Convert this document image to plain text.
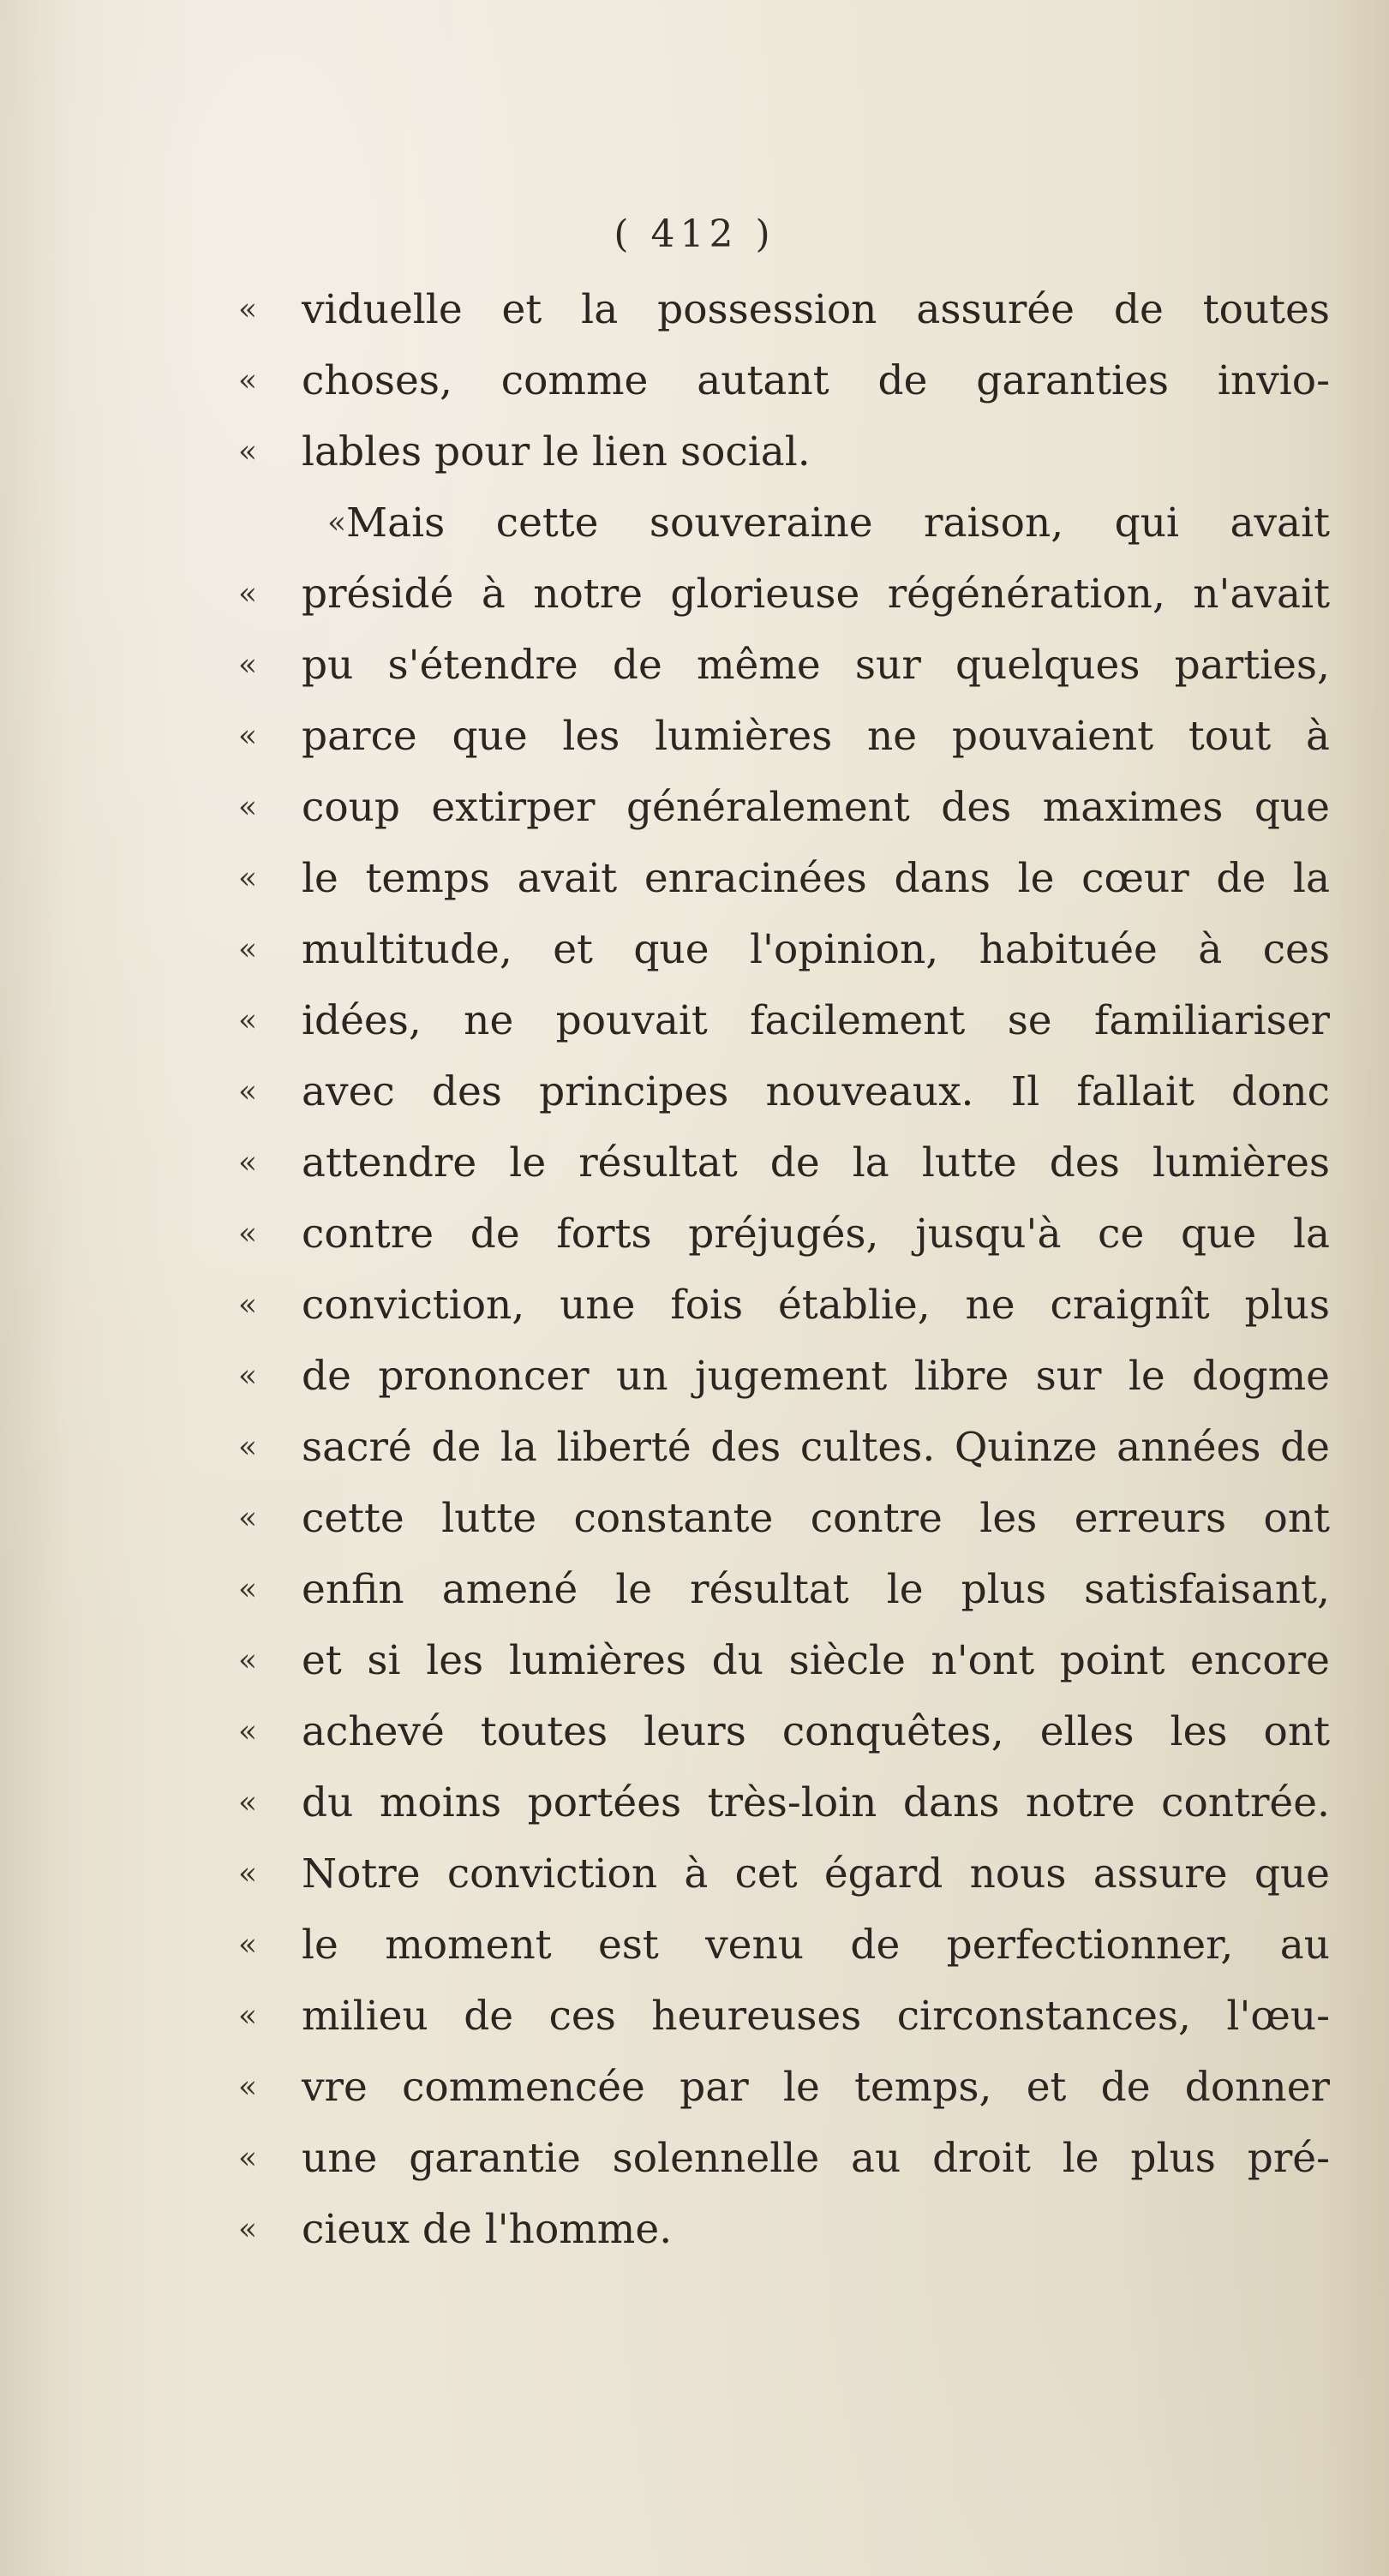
( 412 )
«	viduelle et la possession assurée de toutes
«	choses, comme autant de garanties invio-
«	lables pour le lien social.
« Mais cette souveraine raison, qui avait
«	présidé à notre glorieuse régénération, n'avait
«	pu s'étendre de même sur quelques parties,
«	parce que les lumières ne pouvaient tout à
«	coup extirper généralement des maximes que
«	le temps avait enracinées dans le cœur de la
«	multitude, et que l'opinion, habituée à ces
«	idées, ne pouvait facilement se familiariser
«	avec des principes nouveaux. Il fallait donc
«	attendre le résultat de la lutte des lumières
«	contre de forts préjugés, jusqu'à ce que la
«	conviction, une fois établie, ne craignît plus
«	de prononcer un jugement libre sur le dogme
«	sacré de la liberté des cultes. Quinze années de
«	cette lutte constante contre les erreurs ont
«	enfin amené le résultat le plus satisfaisant,
«	et si les lumières du siècle n'ont point encore
«	achevé toutes leurs conquêtes, elles les ont
«	du moins portées très-loin dans notre contrée.
«	Notre conviction à cet égard nous assure que
«	le moment est venu de perfectionner, au
«	milieu de ces heureuses circonstances, l'œu-
«	vre commencée par le temps, et de donner
«	une garantie solennelle au droit le plus pré-
«	cieux de l'homme.
